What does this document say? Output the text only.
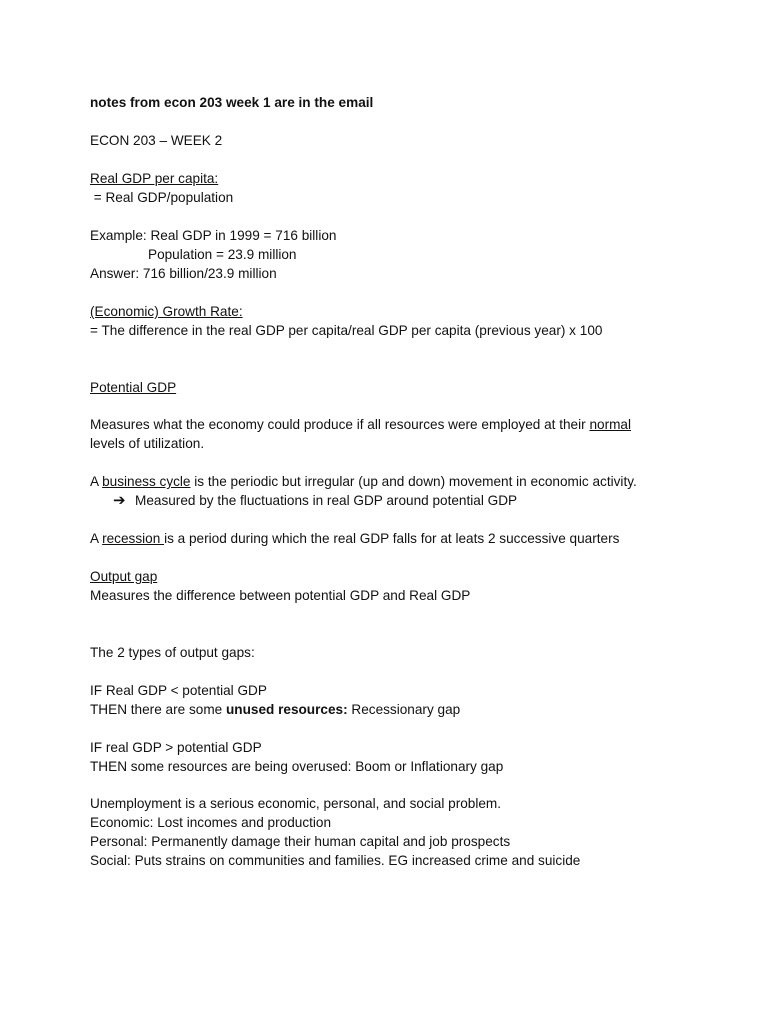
notes from econ 203 week 1 are in the email
ECON 203 – WEEK 2
Real GDP per capita:
= Real GDP/population
Example: Real GDP in 1999 = 716 billion
Population = 23.9 million
Answer: 716 billion/23.9 million
(Economic) Growth Rate:
= The difference in the real GDP per capita/real GDP per capita (previous year) x 100
Potential GDP
Measures what the economy could produce if all resources were employed at their normal
levels of utilization.
A business cycle is the periodic but irregular (up and down) movement in economic activity.
➔ Measured by the fluctuations in real GDP around potential GDP
A recession is a period during which the real GDP falls for at leats 2 successive quarters
Output gap
Measures the difference between potential GDP and Real GDP
The 2 types of output gaps:
IF Real GDP < potential GDP
THEN there are some unused resources: Recessionary gap
IF real GDP > potential GDP
THEN some resources are being overused: Boom or Inflationary gap
Unemployment is a serious economic, personal, and social problem.
Economic: Lost incomes and production
Personal: Permanently damage their human capital and job prospects
Social: Puts strains on communities and families. EG increased crime and suicide
